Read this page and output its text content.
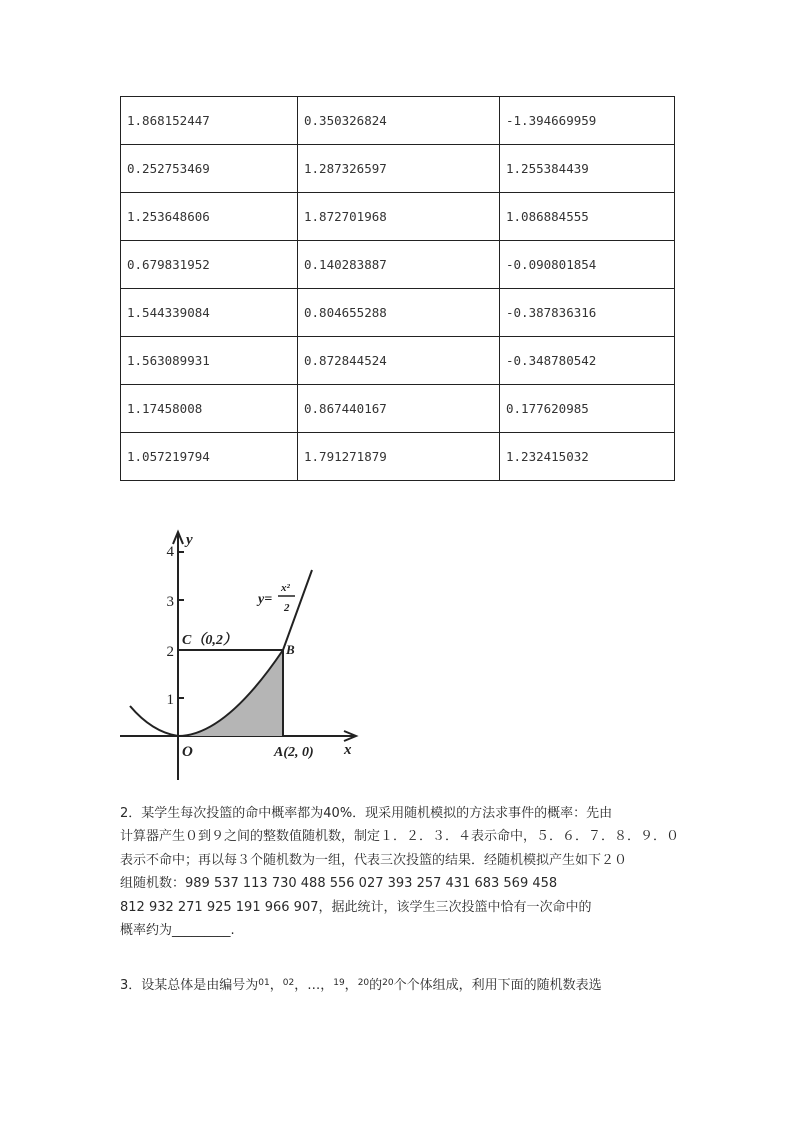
1.868152447	0.350326824	-1.394669959
0.252753469	1.287326597	1.255384439
1.253648606	1.872701968	1.086884555
0.679831952	0.140283887	-0.090801854
1.544339084	0.804655288	-0.387836316
1.563089931	0.872844524	-0.348780542
1.17458008	0.867440167	0.177620985
1.057219794	1.791271879	1.232415032
y
x
O
B
1
2
3
4
C（0,2）
A(2, 0)
y=
x²
2
2．某学生每次投篮的命中概率都为40%．现采用随机模拟的方法求事件的概率：先由
计算器产生０到９之间的整数值随机数，制定１．２．３．４表示命中，５．６．７．８．９．０
表示不命中；再以每３个随机数为一组，代表三次投篮的结果．经随机模拟产生如下２０
组随机数：989 537 113 730 488 556 027 393 257 431 683 569 458
812 932 271 925 191 966 907，据此统计，该学生三次投篮中恰有一次命中的
概率约为_________.
3．设某总体是由编号为$^{01}$，$^{02}$，…，$^{19}$，$^{20}$的$^{20}$个个体组成，利用下面的随机数表选
